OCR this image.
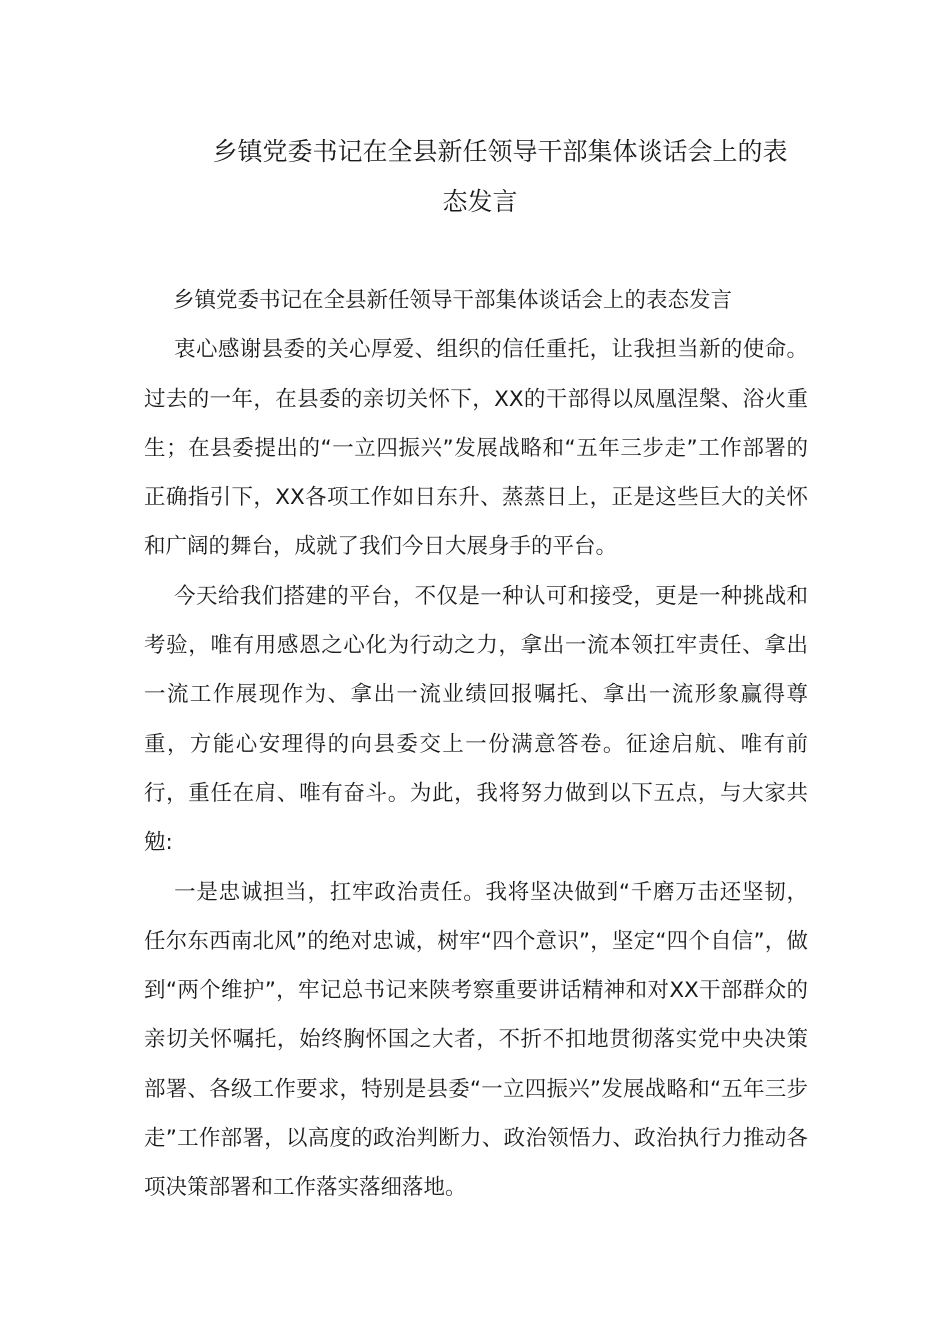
乡镇党委书记在全县新任领导干部集体谈话会上的表
态发言

乡镇党委书记在全县新任领导干部集体谈话会上的表态发言

衷心感谢县委的关心厚爱、组织的信任重托，让我担当新的使命。过去的一年，在县委的亲切关怀下，XX的干部得以凤凰涅槃、浴火重生；在县委提出的“一立四振兴”发展战略和“五年三步走”工作部署的正确指引下，XX各项工作如日东升、蒸蒸日上，正是这些巨大的关怀和广阔的舞台，成就了我们今日大展身手的平台。

今天给我们搭建的平台，不仅是一种认可和接受，更是一种挑战和考验，唯有用感恩之心化为行动之力，拿出一流本领扛牢责任、拿出一流工作展现作为、拿出一流业绩回报嘱托、拿出一流形象赢得尊重，方能心安理得的向县委交上一份满意答卷。征途启航、唯有前行，重任在肩、唯有奋斗。为此，我将努力做到以下五点，与大家共勉:

一是忠诚担当，扛牢政治责任。我将坚决做到“千磨万击还坚韧，任尔东西南北风”的绝对忠诚，树牢“四个意识”，坚定“四个自信”，做到“两个维护”，牢记总书记来陕考察重要讲话精神和对XX干部群众的亲切关怀嘱托，始终胸怀国之大者，不折不扣地贯彻落实党中央决策部署、各级工作要求，特别是县委“一立四振兴”发展战略和“五年三步走”工作部署，以高度的政治判断力、政治领悟力、政治执行力推动各项决策部署和工作落实落细落地。
